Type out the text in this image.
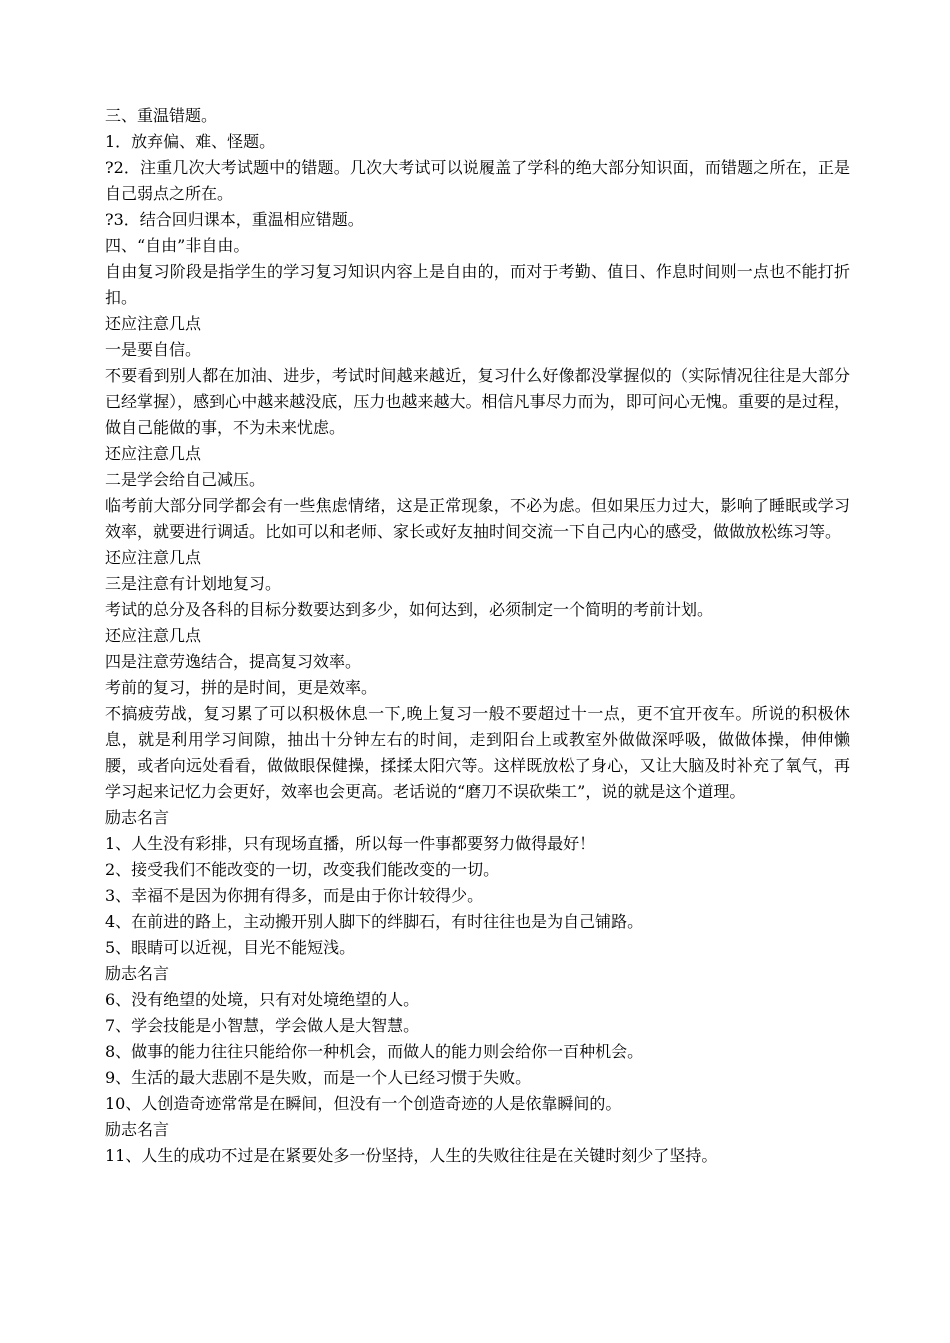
三、重温错题。

1．放弃偏、难、怪题。

?2．注重几次大考试题中的错题。几次大考试可以说履盖了学科的绝大部分知识面，而错题之所在，正是自己弱点之所在。

?3．结合回归课本，重温相应错题。

四、“自由”非自由。

自由复习阶段是指学生的学习复习知识内容上是自由的，而对于考勤、值日、作息时间则一点也不能打折扣。

还应注意几点

一是要自信。

不要看到别人都在加油、进步，考试时间越来越近，复习什么好像都没掌握似的（实际情况往往是大部分已经掌握），感到心中越来越没底，压力也越来越大。相信凡事尽力而为，即可问心无愧。重要的是过程，做自己能做的事，不为未来忧虑。

还应注意几点

二是学会给自己减压。

临考前大部分同学都会有一些焦虑情绪，这是正常现象，不必为虑。但如果压力过大，影响了睡眠或学习效率，就要进行调适。比如可以和老师、家长或好友抽时间交流一下自己内心的感受，做做放松练习等。

还应注意几点

三是注意有计划地复习。

考试的总分及各科的目标分数要达到多少，如何达到，必须制定一个简明的考前计划。

还应注意几点

四是注意劳逸结合，提高复习效率。

考前的复习，拼的是时间，更是效率。

不搞疲劳战，复习累了可以积极休息一下,晚上复习一般不要超过十一点，更不宜开夜车。所说的积极休息，就是利用学习间隙，抽出十分钟左右的时间，走到阳台上或教室外做做深呼吸，做做体操，伸伸懒腰，或者向远处看看，做做眼保健操，揉揉太阳穴等。这样既放松了身心，又让大脑及时补充了氧气，再学习起来记忆力会更好，效率也会更高。老话说的“磨刀不误砍柴工”，说的就是这个道理。

励志名言

1、人生没有彩排，只有现场直播，所以每一件事都要努力做得最好！

2、接受我们不能改变的一切，改变我们能改变的一切。

3、幸福不是因为你拥有得多，而是由于你计较得少。

4、在前进的路上，主动搬开别人脚下的绊脚石，有时往往也是为自己铺路。

5、眼睛可以近视，目光不能短浅。

励志名言

6、没有绝望的处境，只有对处境绝望的人。

7、学会技能是小智慧，学会做人是大智慧。

8、做事的能力往往只能给你一种机会，而做人的能力则会给你一百种机会。

9、生活的最大悲剧不是失败，而是一个人已经习惯于失败。

10、人创造奇迹常常是在瞬间，但没有一个创造奇迹的人是依靠瞬间的。

励志名言

11、人生的成功不过是在紧要处多一份坚持，人生的失败往往是在关键时刻少了坚持。
